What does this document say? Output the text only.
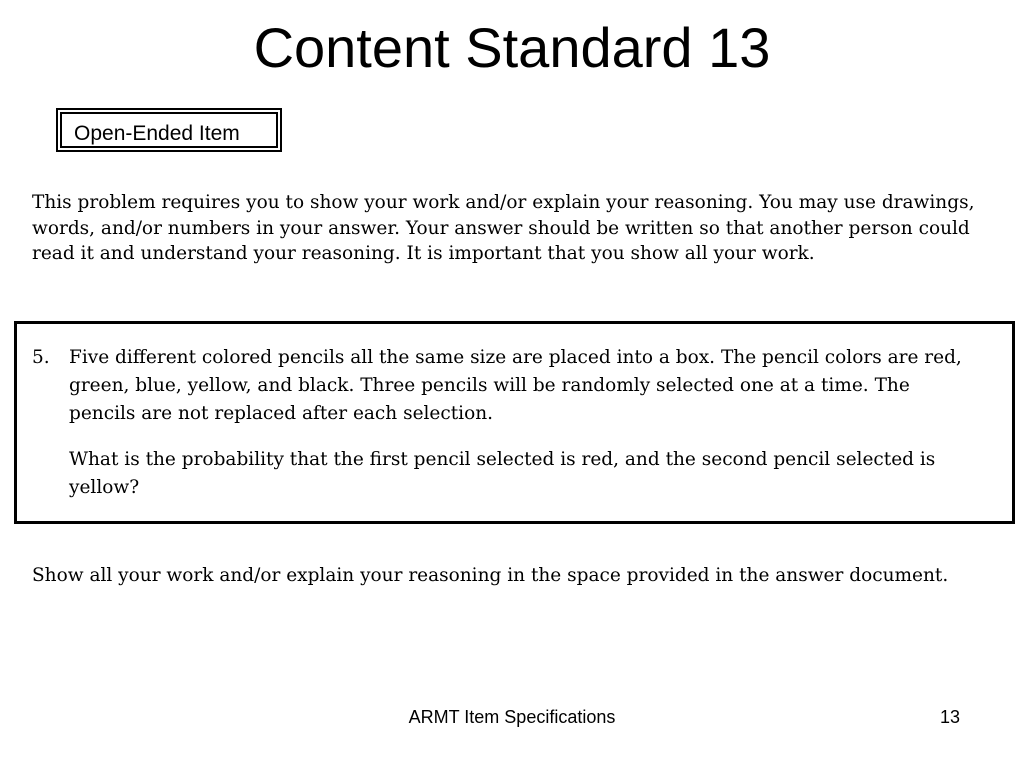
Content Standard 13
Open-Ended Item

This problem requires you to show your work and/or explain your reasoning. You may use drawings, words, and/or numbers in your answer. Your answer should be written so that another person could read it and understand your reasoning. It is important that you show all your work.

5. Five different colored pencils all the same size are placed into a box. The pencil colors are red, green, blue, yellow, and black. Three pencils will be randomly selected one at a time. The pencils are not replaced after each selection.

What is the probability that the first pencil selected is red, and the second pencil selected is yellow?

Show all your work and/or explain your reasoning in the space provided in the answer document.

ARMT Item Specifications	13
